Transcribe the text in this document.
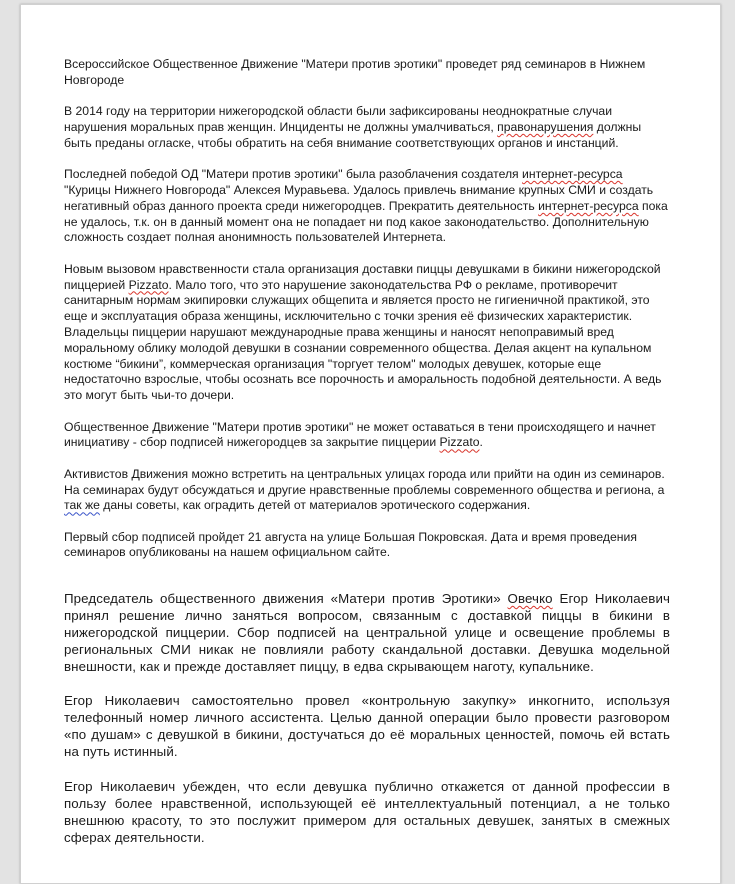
Всероссийское Общественное Движение "Матери против эротики" проведет ряд семинаров в Нижнем Новгороде

В 2014 году на территории нижегородской области были зафиксированы неоднократные случаи нарушения моральных прав женщин. Инциденты не должны умалчиваться, правонарушения должны быть преданы огласке, чтобы обратить на себя внимание соответствующих органов и инстанций.

Последней победой ОД "Матери против эротики" была разоблачения создателя интернет-ресурса "Курицы Нижнего Новгорода" Алексея Муравьева. Удалось привлечь внимание крупных СМИ и создать негативный образ данного проекта среди нижегородцев. Прекратить деятельность интернет-ресурса пока не удалось, т.к. он в данный момент она не попадает ни под какое законодательство. Дополнительную сложность создает полная анонимность пользователей Интернета.

Новым вызовом нравственности стала организация доставки пиццы девушками в бикини нижегородской пиццерией Pizzato. Мало того, что это нарушение законодательства РФ о рекламе, противоречит санитарным нормам экипировки служащих общепита и является просто не гигиеничной практикой, это еще и эксплуатация образа женщины, исключительно с точки зрения её физических характеристик. Владельцы пиццерии нарушают международные права женщины и наносят непоправимый вред моральному облику молодой девушки в сознании современного общества. Делая акцент на купальном костюме “бикини”, коммерческая организация "торгует телом" молодых девушек, которые еще недостаточно взрослые, чтобы осознать все порочность и аморальность подобной деятельности. А ведь это могут быть чьи-то дочери.

Общественное Движение "Матери против эротики" не может оставаться в тени происходящего и начнет инициативу - сбор подписей нижегородцев за закрытие пиццерии Pizzato.

Активистов Движения можно встретить на центральных улицах города или прийти на один из семинаров. На семинарах будут обсуждаться и другие нравственные проблемы современного общества и региона, а так же даны советы, как оградить детей от материалов эротического содержания.

Первый сбор подписей пройдет 21 августа на улице Большая Покровская. Дата и время проведения семинаров опубликованы на нашем официальном сайте.

Председатель общественного движения «Матери против Эротики» Овечко Егор Николаевич принял решение лично заняться вопросом, связанным с доставкой пиццы в бикини в нижегородской пиццерии. Сбор подписей на центральной улице и освещение проблемы в региональных СМИ никак не повлияли работу скандальной доставки. Девушка модельной внешности, как и прежде доставляет пиццу, в едва скрывающем наготу, купальнике.

Егор Николаевич самостоятельно провел «контрольную закупку» инкогнито, используя телефонный номер личного ассистента. Целью данной операции было провести разговором «по душам» с девушкой в бикини, достучаться до её моральных ценностей, помочь ей встать на путь истинный.

Егор Николаевич убежден, что если девушка публично откажется от данной профессии в пользу более нравственной, использующей её интеллектуальный потенциал, а не только внешнюю красоту, то это послужит примером для остальных девушек, занятых в смежных сферах деятельности.
